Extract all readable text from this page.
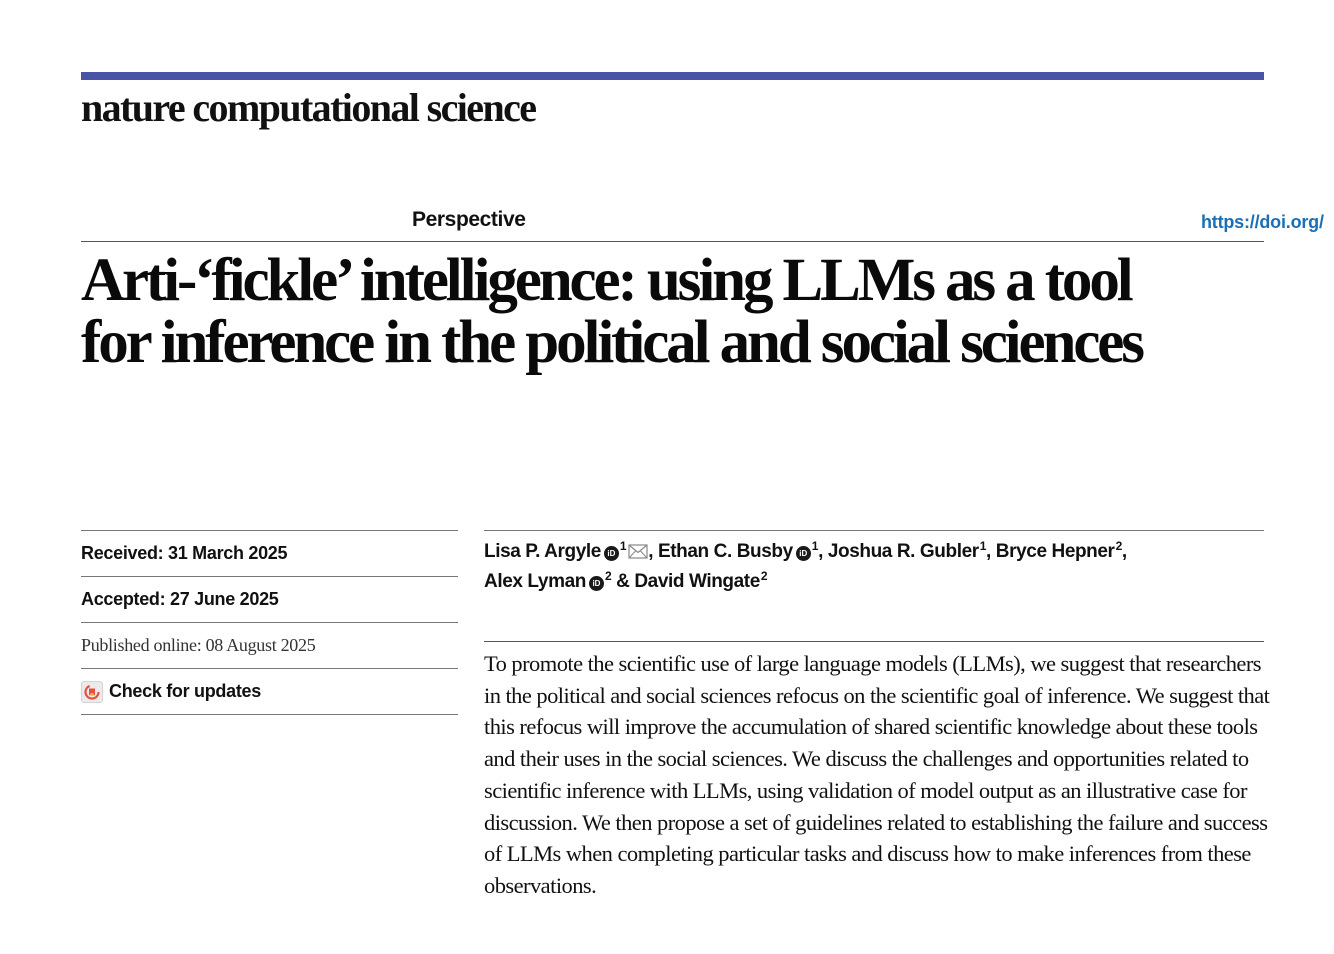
nature computational science
Perspective	https://doi.org/
Arti-‘fickle’ intelligence: using LLMs as a tool for inference in the political and social sciences
Received: 31 March 2025
Accepted: 27 June 2025
Published online: 08 August 2025
Check for updates
Lisa P. Argyle iD$^1$ , Ethan C. Busby iD$^1$, Joshua R. Gubler$^1$, Bryce Hepner$^2$,
Alex Lyman iD$^2$ & David Wingate$^2$

To promote the scientific use of large language models (LLMs), we suggest that researchers in the political and social sciences refocus on the scientific goal of inference. We suggest that this refocus will improve the accumulation of shared scientific knowledge about these tools and their uses in the social sciences. We discuss the challenges and opportunities related to scientific inference with LLMs, using validation of model output as an illustrative case for discussion. We then propose a set of guidelines related to establishing the failure and success of LLMs when completing particular tasks and discuss how to make inferences from these observations.
